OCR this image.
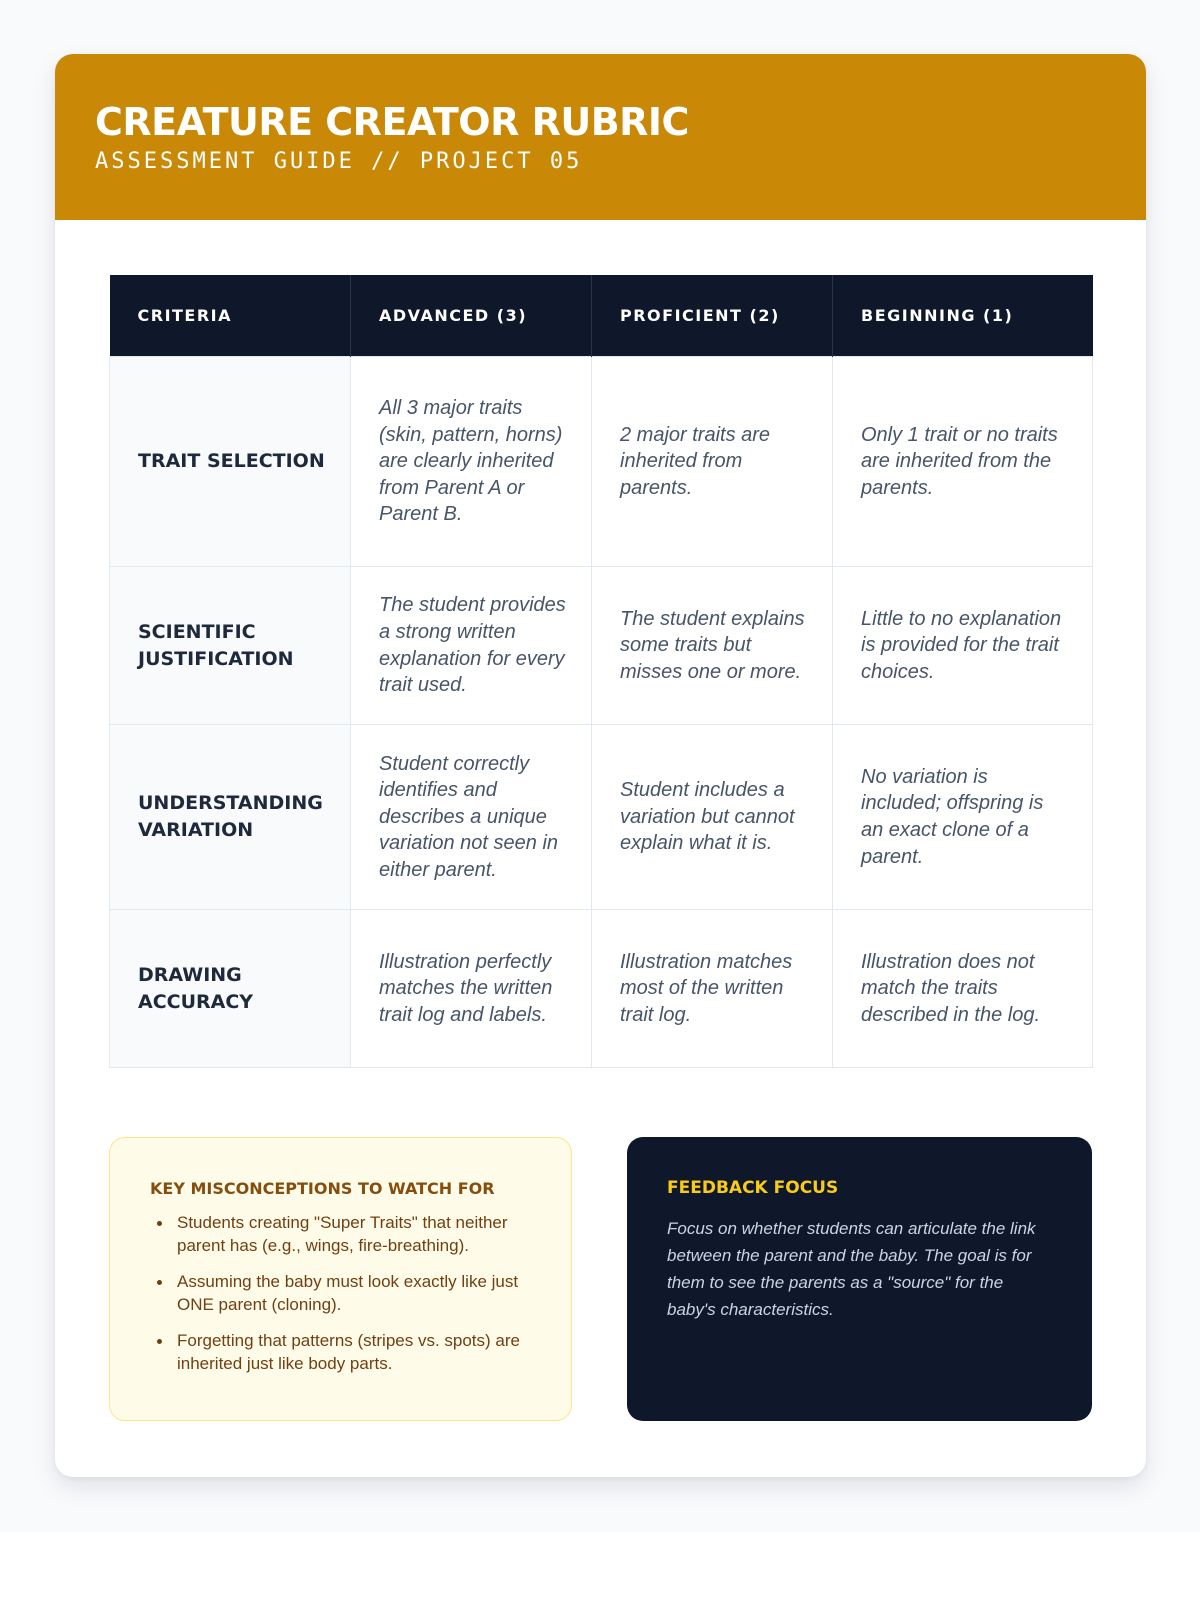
CREATURE CREATOR RUBRIC
ASSESSMENT GUIDE // PROJECT 05
CRITERIA	ADVANCED (3)	PROFICIENT (2)	BEGINNING (1)
TRAIT SELECTION	All 3 major traits (skin, pattern, horns) are clearly inherited from Parent A or Parent B.	2 major traits are inherited from parents.	Only 1 trait or no traits are inherited from the parents.
SCIENTIFIC JUSTIFICATION	The student provides a strong written explanation for every trait used.	The student explains some traits but misses one or more.	Little to no explanation is provided for the trait choices.
UNDERSTANDING VARIATION	Student correctly identifies and describes a unique variation not seen in either parent.	Student includes a variation but cannot explain what it is.	No variation is included; offspring is an exact clone of a parent.
DRAWING ACCURACY	Illustration perfectly matches the written trait log and labels.	Illustration matches most of the written trait log.	Illustration does not match the traits described in the log.
KEY MISCONCEPTIONS TO WATCH FOR
Students creating "Super Traits" that neither parent has (e.g., wings, fire-breathing).
Assuming the baby must look exactly like just ONE parent (cloning).
Forgetting that patterns (stripes vs. spots) are inherited just like body parts.
FEEDBACK FOCUS

Focus on whether students can articulate the link between the parent and the baby. The goal is for them to see the parents as a "source" for the baby's characteristics.
